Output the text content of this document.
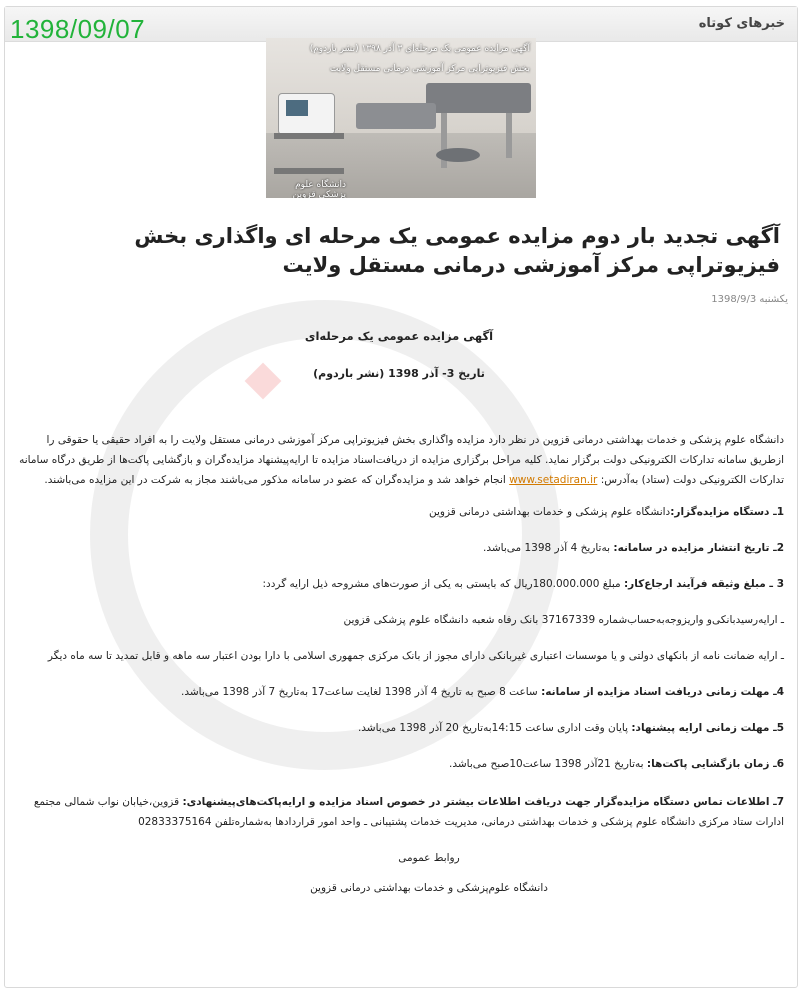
خبرهای کوتاه
1398/09/07
آگهی مزایده عمومی یک مرحله‌ای ۳ آذر ۱۳۹۸ (نشر باردوم)
بخش فیزیوتراپی مرکز آموزشی درمانی مستقل ولایت
دانشگاه علوم پزشکی قزوین
آگهی تجدید بار دوم مزایده عمومی یک مرحله ای واگذاری بخش فیزیوتراپی مرکز آموزشی درمانی مستقل ولایت
یکشنبه 1398/9/3

آگهی مزایده عمومی یک مرحله‌ای

تاریخ 3- آذر 1398 (نشر باردوم)

دانشگاه علوم پزشکی و خدمات بهداشتی درمانی قزوین در نظر دارد مزایده واگذاری بخش فیزیوتراپی مرکز آموزشی درمانی مستقل ولایت را به افراد حقیقی یا حقوقی را ازطریق سامانه تداركات الكترونيكی دولت برگزار نماید. كليه مراحل برگزاری مزایده از دریافت‌اسناد مزایده تا ارایه‌پیشنهاد مزایده‌گران و بازگشايی پاكت‌ها از طریق درگاه سامانه تدارکات الکترونیکی دولت (ستاد) به‌آدرس: www.setadiran.ir انجام خواهد شد و مزایده‌گران كه عضو در سامانه مذكور می‌باشند مجاز به شرکت در این مزایده می‌باشند.

1ـ دستگاه مزایده‌گزار:دانشگاه علوم پزشکی و خدمات بهداشتی درمانی قزوین

2ـ تاریخ انتشار مزایده در سامانه: به‌تاریخ 4 آذر 1398 می‌باشد.

3 ـ مبلغ وثیقه فرآیند ارجاع‌کار: مبلغ 180.000.000ریال که بایستی به یکی از صورت‌های مشروحه ذیل ارایه گردد:

ـ ارایه‌رسیدبانکی‌و واریزوجه‌به‌حساب‌شماره 37167339 بانک رفاه شعبه دانشگاه علوم پزشکی قزوین

ـ ارایه ضمانت نامه از بانکهای دولتی و یا موسسات اعتباری غیربانکی دارای مجوز از بانک مرکزی جمهوری اسلامی با دارا بودن اعتبار سه ماهه و قابل تمدید تا سه ماه دیگر

4ـ مهلت زمانی دریافت اسناد مزایده از سامانه: ساعت 8 صبح به تاریخ 4 آذر 1398 لغایت ساعت17 به‌تاریخ 7 آذر 1398 می‌باشد.

5ـ مهلت زمانی ارایه پیشنهاد: پایان وقت اداری ساعت 14:15به‌تاریخ 20 آذر 1398 می‌باشد.

6ـ زمان بازگشایی پاکت‌ها: به‌تاریخ 21آذر 1398 ساعت10صبح می‌باشد.

7ـ اطلاعات تماس دستگاه مزایده‌گزار جهت دریافت اطلاعات بیشتر در خصوص اسناد مزایده و ارایه‌پاکت‌های‌پیشنهادی: قزوین،خیابان نواب شمالی مجتمع ادارات ستاد مرکزی دانشگاه علوم پزشکی و خدمات بهداشتی درمانی، مدیریت خدمات پشتیبانی ـ واحد امور قراردادها به‌شماره‌تلفن 02833375164

روابط عمومی

دانشگاه علوم‌پزشکی و خدمات بهداشتی درمانی قزوین
